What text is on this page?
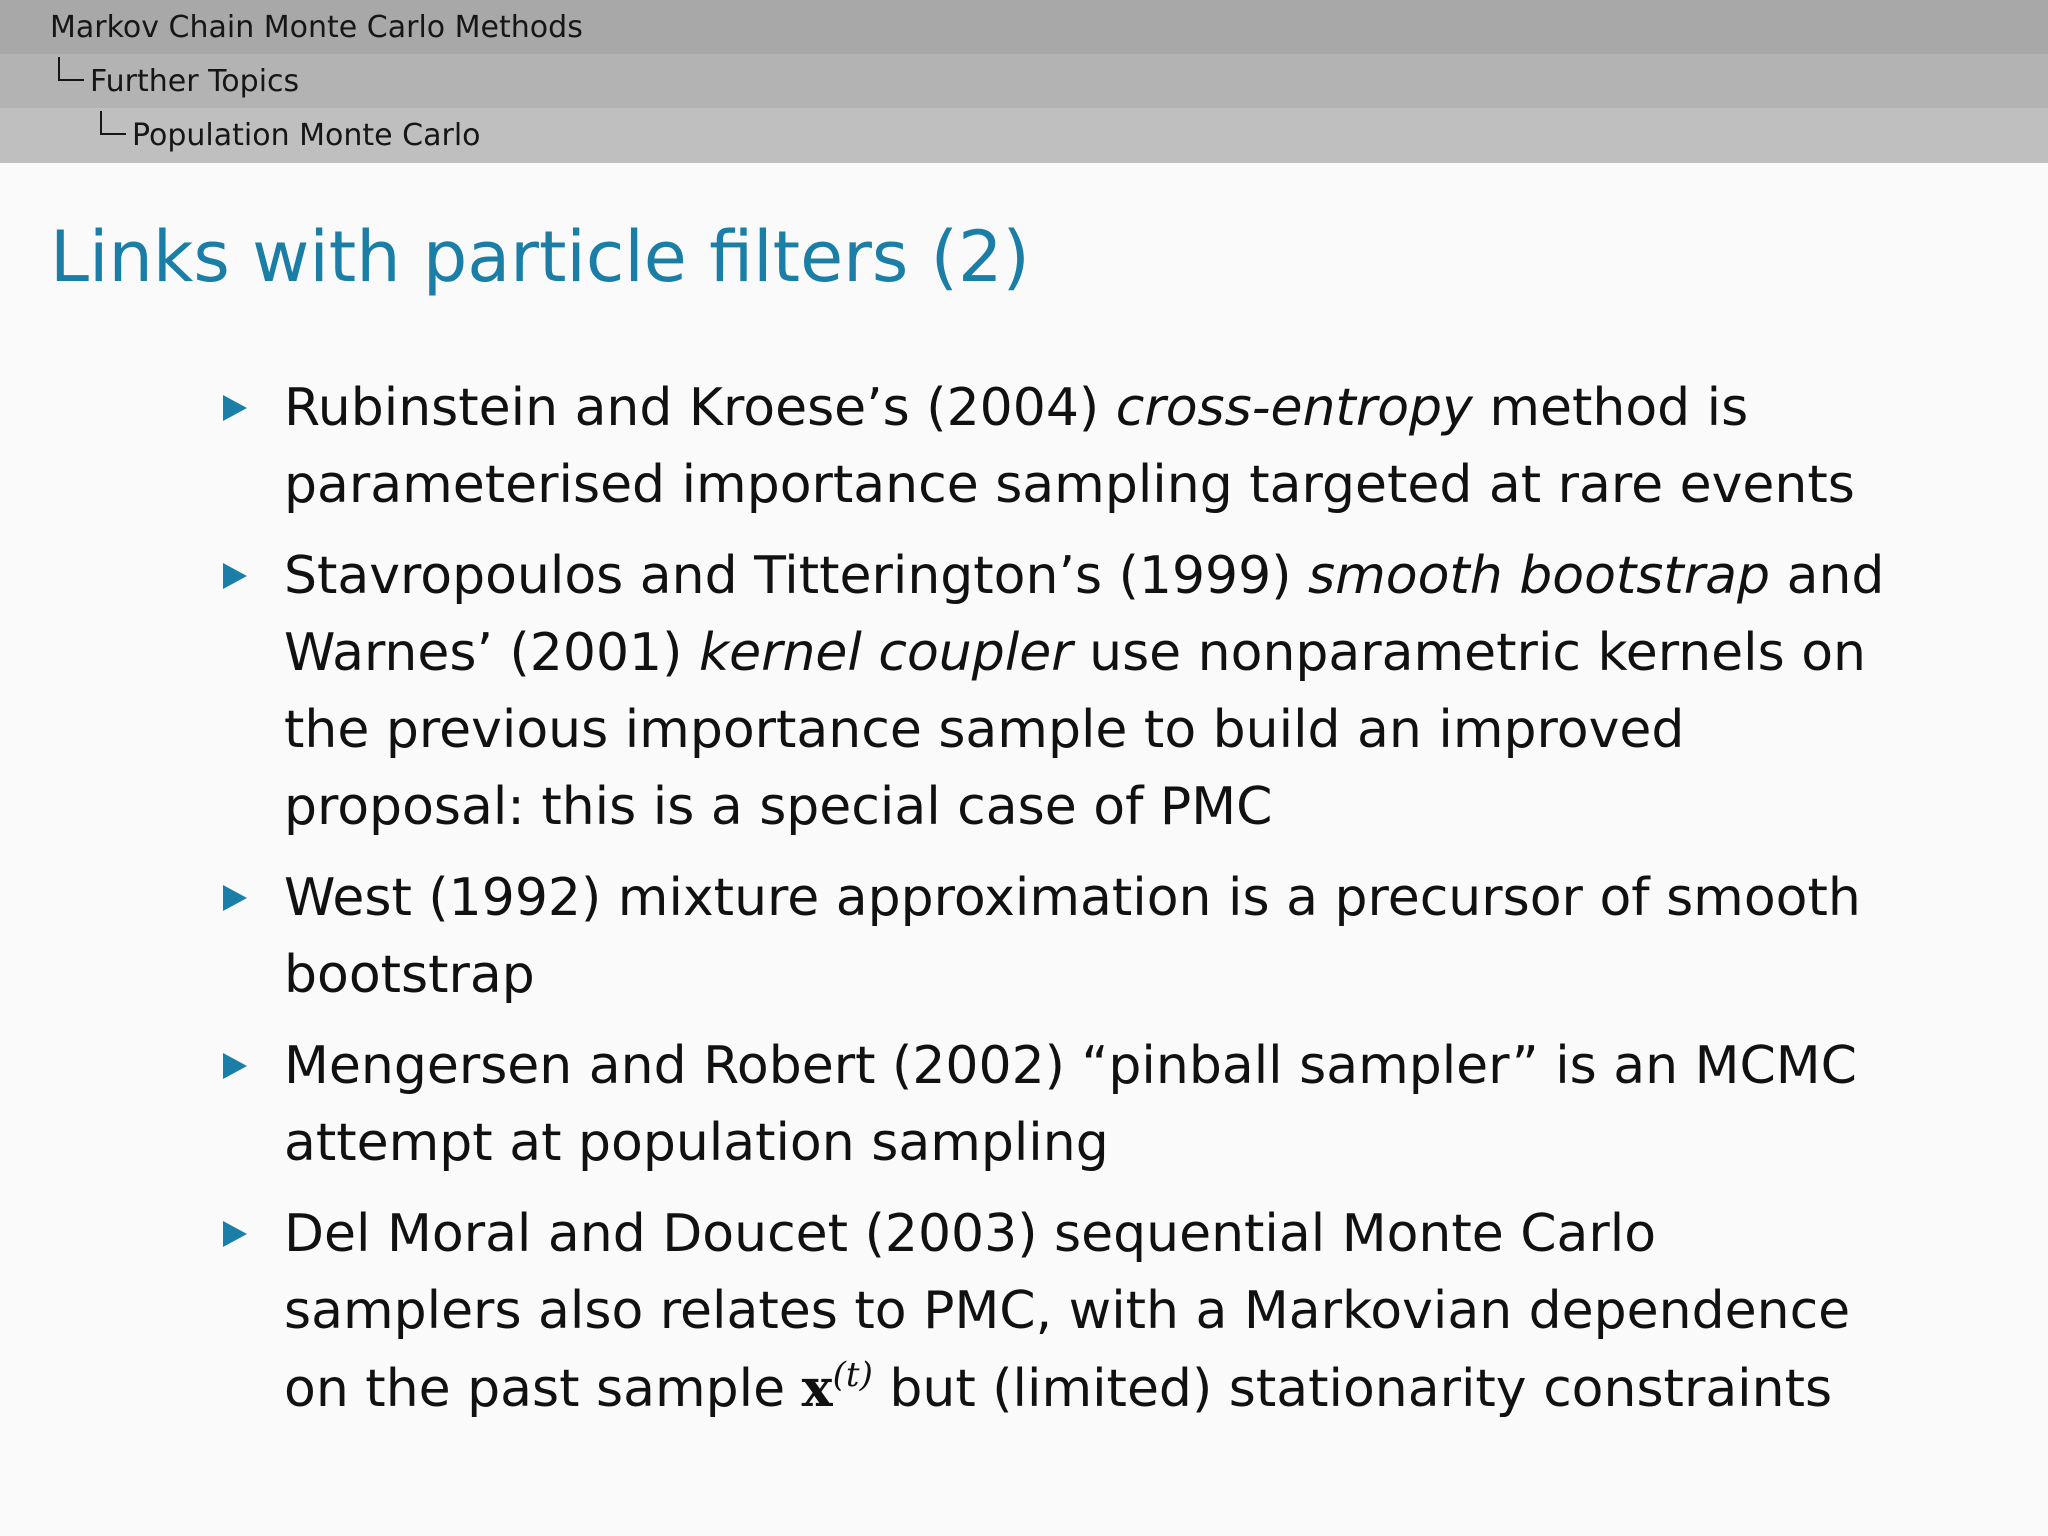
Markov Chain Monte Carlo Methods
Further Topics
Population Monte Carlo
Links with particle filters (2)
Rubinstein and Kroese’s (2004) cross-entropy method is
parameterised importance sampling targeted at rare events
Stavropoulos and Titterington’s (1999) smooth bootstrap and
Warnes’ (2001) kernel coupler use nonparametric kernels on
the previous importance sample to build an improved
proposal: this is a special case of PMC
West (1992) mixture approximation is a precursor of smooth
bootstrap
Mengersen and Robert (2002) “pinball sampler” is an MCMC
attempt at population sampling
Del Moral and Doucet (2003) sequential Monte Carlo
samplers also relates to PMC, with a Markovian dependence
on the past sample $x^{(t)}$ but (limited) stationarity constraints
